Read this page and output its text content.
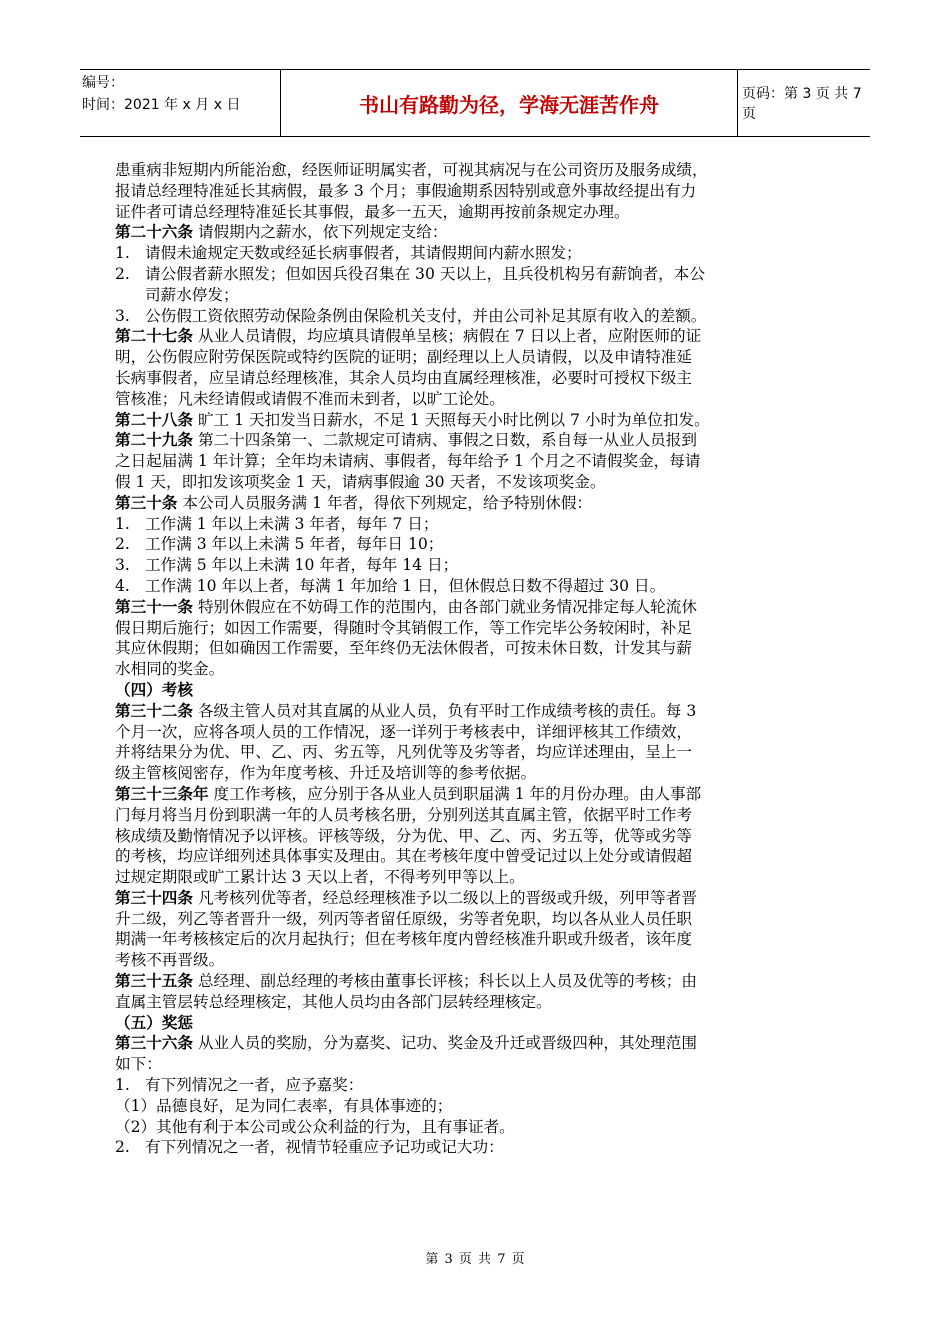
编号：
时间：2021 年 x 月 x 日	书山有路勤为径，学海无涯苦作舟	页码：第 3 页 共 7 页
患重病非短期内所能治愈，经医师证明属实者，可视其病况与在公司资历及服务成绩，
报请总经理特准延长其病假，最多 3 个月；事假逾期系因特别或意外事故经提出有力
证件者可请总经理特准延长其事假，最多一五天，逾期再按前条规定办理。
第二十六条 请假期内之薪水，依下列规定支给：
1. 请假未逾规定天数或经延长病事假者，其请假期间内薪水照发；
2. 请公假者薪水照发；但如因兵役召集在 30 天以上，且兵役机构另有薪饷者，本公
司薪水停发；
3. 公伤假工资依照劳动保险条例由保险机关支付，并由公司补足其原有收入的差额。
第二十七条 从业人员请假，均应填具请假单呈核；病假在 7 日以上者，应附医师的证
明，公伤假应附劳保医院或特约医院的证明；副经理以上人员请假，以及申请特准延
长病事假者，应呈请总经理核准，其余人员均由直属经理核准，必要时可授权下级主
管核准；凡未经请假或请假不准而未到者，以旷工论处。
第二十八条 旷工 1 天扣发当日薪水，不足 1 天照每天小时比例以 7 小时为单位扣发。
第二十九条 第二十四条第一、二款规定可请病、事假之日数，系自每一从业人员报到
之日起届满 1 年计算；全年均未请病、事假者，每年给予 1 个月之不请假奖金，每请
假 1 天，即扣发该项奖金 1 天，请病事假逾 30 天者，不发该项奖金。
第三十条 本公司人员服务满 1 年者，得依下列规定，给予特别休假：
1. 工作满 1 年以上未满 3 年者，每年 7 日；
2. 工作满 3 年以上未满 5 年者，每年日 10；
3. 工作满 5 年以上未满 10 年者，每年 14 日；
4. 工作满 10 年以上者，每满 1 年加给 1 日，但休假总日数不得超过 30 日。
第三十一条 特别休假应在不妨碍工作的范围内，由各部门就业务情况排定每人轮流休
假日期后施行；如因工作需要，得随时令其销假工作，等工作完毕公务较闲时，补足
其应休假期；但如确因工作需要，至年终仍无法休假者，可按未休日数，计发其与薪
水相同的奖金。
（四）考核
第三十二条 各级主管人员对其直属的从业人员，负有平时工作成绩考核的责任。每 3
个月一次，应将各项人员的工作情况，逐一详列于考核表中，详细评核其工作绩效，
并将结果分为优、甲、乙、丙、劣五等，凡列优等及劣等者，均应详述理由，呈上一
级主管核阅密存，作为年度考核、升迁及培训等的参考依据。
第三十三条年 度工作考核，应分别于各从业人员到职届满 1 年的月份办理。由人事部
门每月将当月份到职满一年的人员考核名册，分别列送其直属主管，依据平时工作考
核成绩及勤惰情况予以评核。评核等级，分为优、甲、乙、丙、劣五等，优等或劣等
的考核，均应详细列述具体事实及理由。其在考核年度中曾受记过以上处分或请假超
过规定期限或旷工累计达 3 天以上者，不得考列甲等以上。
第三十四条 凡考核列优等者，经总经理核准予以二级以上的晋级或升级，列甲等者晋
升二级，列乙等者晋升一级，列丙等者留任原级，劣等者免职，均以各从业人员任职
期满一年考核核定后的次月起执行；但在考核年度内曾经核准升职或升级者，该年度
考核不再晋级。
第三十五条 总经理、副总经理的考核由董事长评核；科长以上人员及优等的考核；由
直属主管层转总经理核定，其他人员均由各部门层转经理核定。
（五）奖惩
第三十六条 从业人员的奖励，分为嘉奖、记功、奖金及升迁或晋级四种，其处理范围
如下：
1. 有下列情况之一者，应予嘉奖：
（1）品德良好，足为同仁表率，有具体事迹的；
（2）其他有利于本公司或公众利益的行为，且有事证者。
2. 有下列情况之一者，视情节轻重应予记功或记大功：
第 3 页 共 7 页
